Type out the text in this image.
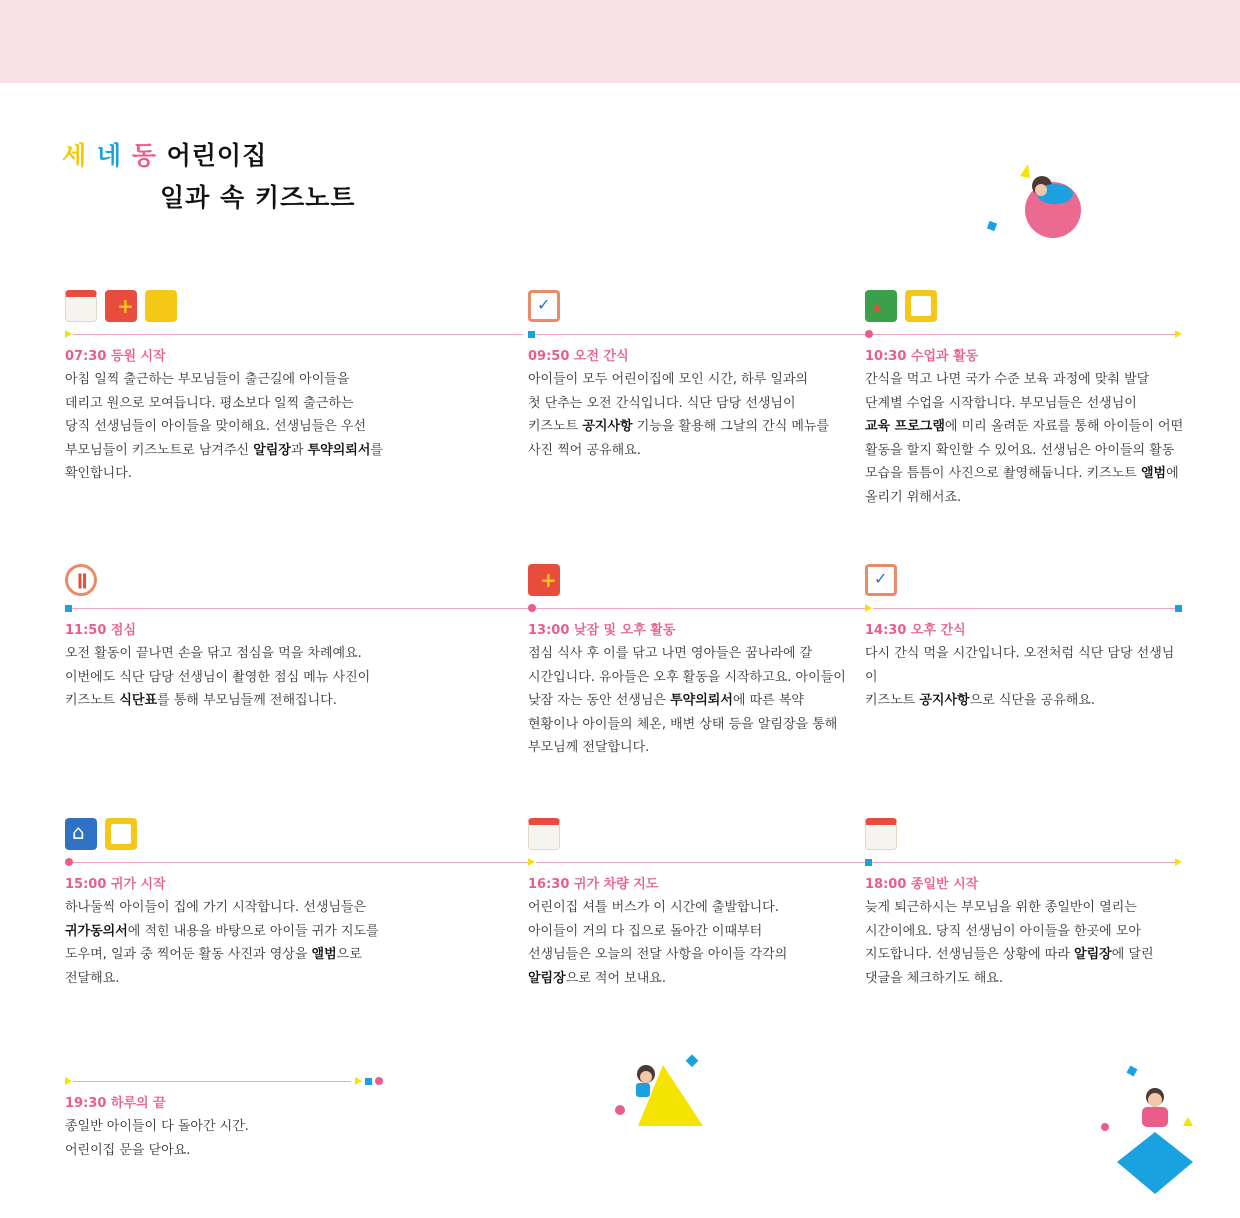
세 네 동 어린이집
일과 속 키즈노트
+
07:30 등원 시작
아침 일찍 출근하는 부모님들이 출근길에 아이들을
데리고 원으로 모여듭니다. 평소보다 일찍 출근하는
당직 선생님들이 아이들을 맞이해요. 선생님들은 우선
부모님들이 키즈노트로 남겨주신 알림장과 투약의뢰서를
확인합니다.
✓
09:50 오전 간식
아이들이 모두 어린이집에 모인 시간, 하루 일과의
첫 단추는 오전 간식입니다. 식단 담당 선생님이
키즈노트 공지사항 기능을 활용해 그날의 간식 메뉴를
사진 찍어 공유해요.
▴
10:30 수업과 활동
간식을 먹고 나면 국가 수준 보육 과정에 맞춰 발달
단계별 수업을 시작합니다. 부모님들은 선생님이
교육 프로그램에 미리 올려둔 자료를 통해 아이들이 어떤
활동을 할지 확인할 수 있어요. 선생님은 아이들의 활동
모습을 틈틈이 사진으로 촬영해둡니다. 키즈노트 앨범에
올리기 위해서죠.
ǁ
11:50 점심
오전 활동이 끝나면 손을 닦고 점심을 먹을 차례예요.
이번에도 식단 담당 선생님이 촬영한 점심 메뉴 사진이
키즈노트 식단표를 통해 부모님들께 전해집니다.
+
13:00 낮잠 및 오후 활동
점심 식사 후 이를 닦고 나면 영아들은 꿈나라에 갈
시간입니다. 유아들은 오후 활동을 시작하고요. 아이들이
낮잠 자는 동안 선생님은 투약의뢰서에 따른 복약
현황이나 아이들의 체온, 배변 상태 등을 알림장을 통해
부모님께 전달합니다.
✓
14:30 오후 간식
다시 간식 먹을 시간입니다. 오전처럼 식단 담당 선생님이
키즈노트 공지사항으로 식단을 공유해요.
⌂
15:00 귀가 시작
하나둘씩 아이들이 집에 가기 시작합니다. 선생님들은
귀가동의서에 적힌 내용을 바탕으로 아이들 귀가 지도를
도우며, 일과 중 찍어둔 활동 사진과 영상을 앨범으로
전달해요.
16:30 귀가 차량 지도
어린이집 셔틀 버스가 이 시간에 출발합니다.
아이들이 거의 다 집으로 돌아간 이때부터
선생님들은 오늘의 전달 사항을 아이들 각각의
알림장으로 적어 보내요.
18:00 종일반 시작
늦게 퇴근하시는 부모님을 위한 종일반이 열리는
시간이에요. 당직 선생님이 아이들을 한곳에 모아
지도합니다. 선생님들은 상황에 따라 알림장에 달린
댓글을 체크하기도 해요.
19:30 하루의 끝
종일반 아이들이 다 돌아간 시간.
어린이집 문을 닫아요.
